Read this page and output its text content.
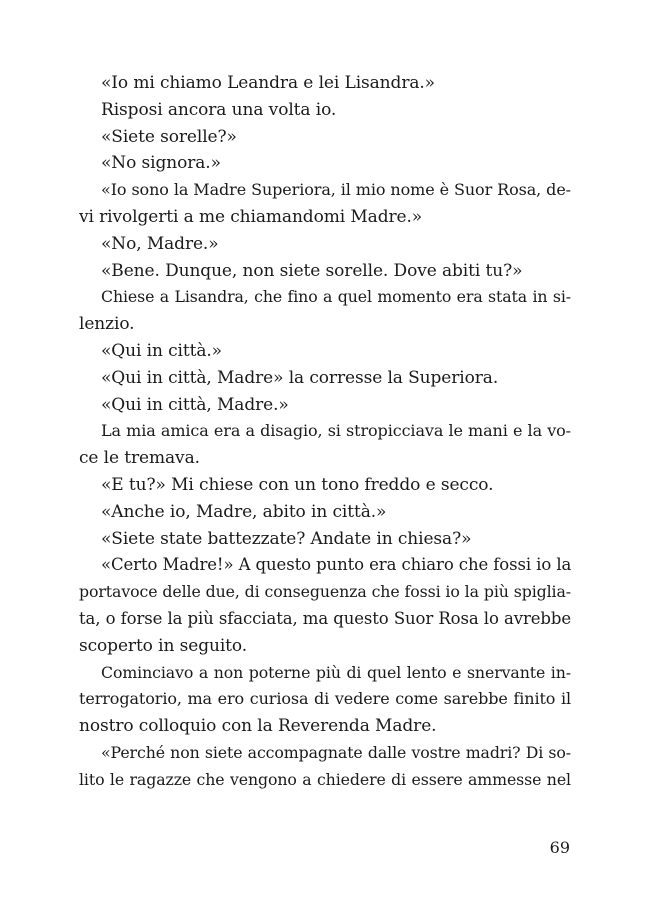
«Io mi chiamo Leandra e lei Lisandra.»
Risposi ancora una volta io.
«Siete sorelle?»
«No signora.»
«Io sono la Madre Superiora, il mio nome è Suor Rosa, de-
vi rivolgerti a me chiamandomi Madre.»
«No, Madre.»
«Bene. Dunque, non siete sorelle. Dove abiti tu?»
Chiese a Lisandra, che fino a quel momento era stata in si-
lenzio.
«Qui in città.»
«Qui in città, Madre» la corresse la Superiora.
«Qui in città, Madre.»
La mia amica era a disagio, si stropicciava le mani e la vo-
ce le tremava.
«E tu?» Mi chiese con un tono freddo e secco.
«Anche io, Madre, abito in città.»
«Siete state battezzate? Andate in chiesa?»
«Certo Madre!» A questo punto era chiaro che fossi io la
portavoce delle due, di conseguenza che fossi io la più spiglia-
ta, o forse la più sfacciata, ma questo Suor Rosa lo avrebbe
scoperto in seguito.
Cominciavo a non poterne più di quel lento e snervante in-
terrogatorio, ma ero curiosa di vedere come sarebbe finito il
nostro colloquio con la Reverenda Madre.
«Perché non siete accompagnate dalle vostre madri? Di so-
lito le ragazze che vengono a chiedere di essere ammesse nel
69
